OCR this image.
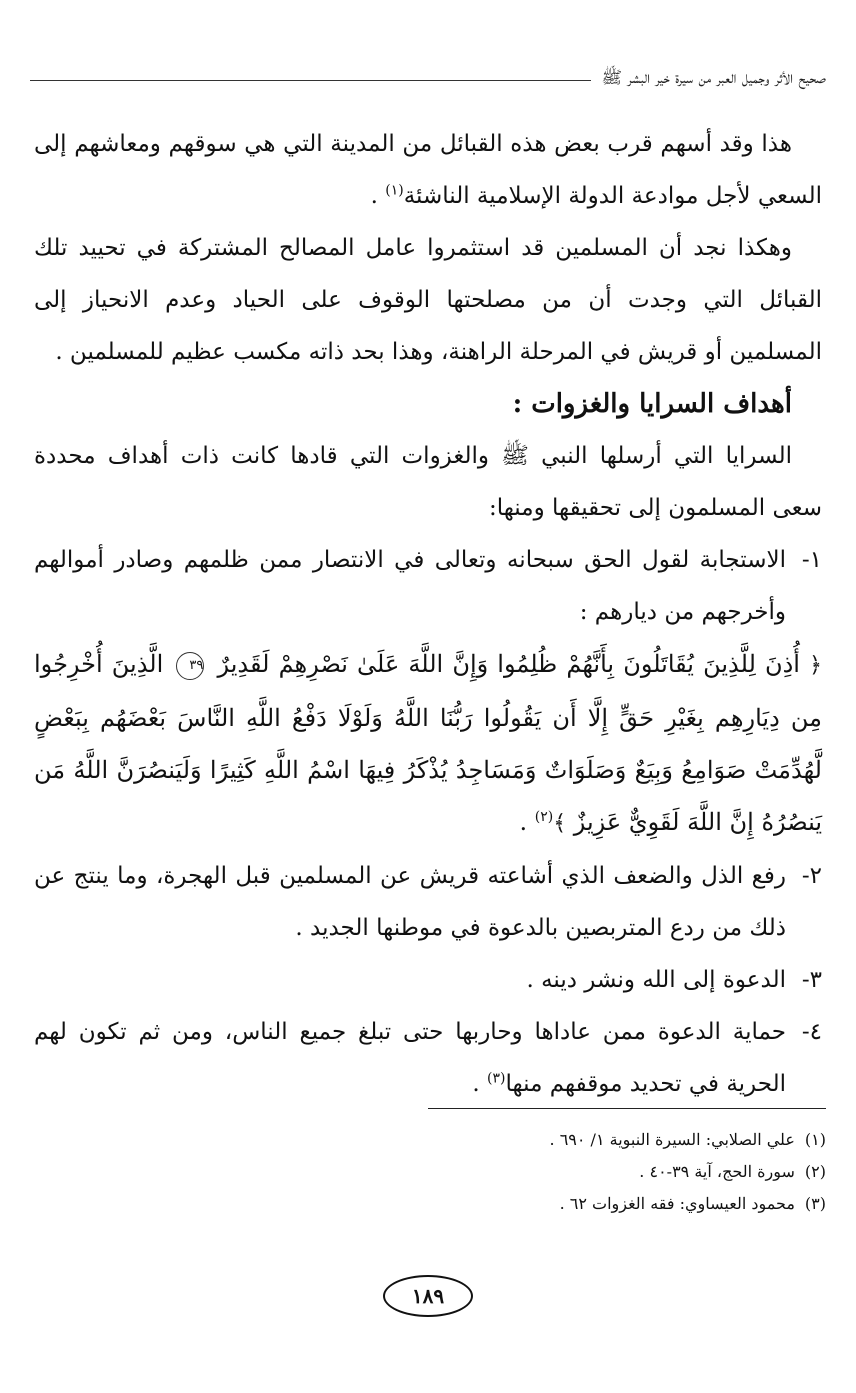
صحيح الأثر وجميل العبر من سيرة خير البشر ﷺ

هذا وقد أسهم قرب بعض هذه القبائل من المدينة التي هي سوقهم ومعاشهم إلى السعي لأجل موادعة الدولة الإسلامية الناشئة$^{(١)}$ .

وهكذا نجد أن المسلمين قد استثمروا عامل المصالح المشتركة في تحييد تلك القبائل التي وجدت أن من مصلحتها الوقوف على الحياد وعدم الانحياز إلى المسلمين أو قريش في المرحلة الراهنة، وهذا بحد ذاته مكسب عظيم للمسلمين .

أهداف السرايا والغزوات :

السرايا التي أرسلها النبي ﷺ والغزوات التي قادها كانت ذات أهداف محددة سعى المسلمون إلى تحقيقها ومنها:

١-
الاستجابة لقول الحق سبحانه وتعالى في الانتصار ممن ظلمهم وصادر أموالهم وأخرجهم من ديارهم :
﴿ أُذِنَ لِلَّذِينَ يُقَاتَلُونَ بِأَنَّهُمْ ظُلِمُوا وَإِنَّ اللَّهَ عَلَىٰ نَصْرِهِمْ لَقَدِيرٌ ٣٩ الَّذِينَ أُخْرِجُوا مِن دِيَارِهِم بِغَيْرِ حَقٍّ إِلَّا أَن يَقُولُوا رَبُّنَا اللَّهُ وَلَوْلَا دَفْعُ اللَّهِ النَّاسَ بَعْضَهُم بِبَعْضٍ لَّهُدِّمَتْ صَوَامِعُ وَبِيَعٌ وَصَلَوَاتٌ وَمَسَاجِدُ يُذْكَرُ فِيهَا اسْمُ اللَّهِ كَثِيرًا وَلَيَنصُرَنَّ اللَّهُ مَن يَنصُرُهُ إِنَّ اللَّهَ لَقَوِيٌّ عَزِيزٌ ﴾$^{(٢)}$ .
٢-
رفع الذل والضعف الذي أشاعته قريش عن المسلمين قبل الهجرة، وما ينتج عن ذلك من ردع المتربصين بالدعوة في موطنها الجديد .
٣-
الدعوة إلى الله ونشر دينه .
٤-
حماية الدعوة ممن عاداها وحاربها حتى تبلغ جميع الناس، ومن ثم تكون لهم الحرية في تحديد موقفهم منها$^{(٣)}$ .
(١)
علي الصلابي: السيرة النبوية ١/ ٦٩٠ .
(٢)
سورة الحج، آية ٣٩-٤٠ .
(٣)
محمود العيساوي: فقه الغزوات ٦٢ .
١٨٩
